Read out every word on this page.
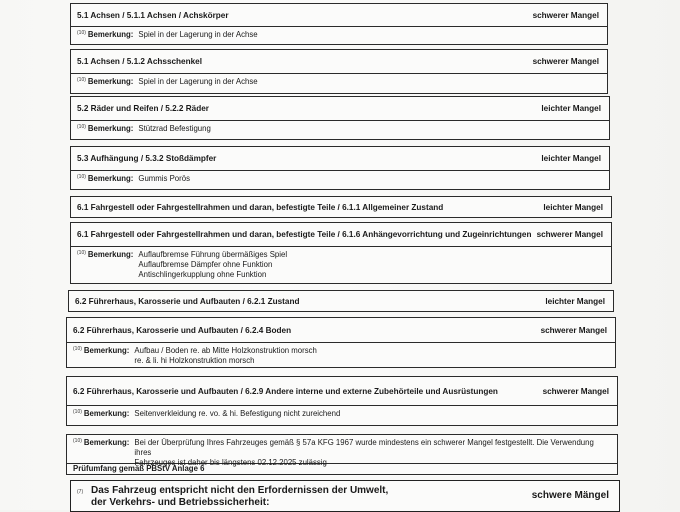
5.1 Achsen / 5.1.1 Achsen / Achskörper	schwerer Mangel
(10) Bemerkung: Spiel in der Lagerung in der Achse
5.1 Achsen / 5.1.2 Achsschenkel	schwerer Mangel
(10) Bemerkung: Spiel in der Lagerung in der Achse
5.2 Räder und Reifen / 5.2.2 Räder	leichter Mangel
(10) Bemerkung: Stützrad Befestigung
5.3 Aufhängung / 5.3.2 Stoßdämpfer	leichter Mangel
(10) Bemerkung: Gummis Porös
6.1 Fahrgestell oder Fahrgestellrahmen und daran, befestigte Teile / 6.1.1 Allgemeiner Zustand	leichter Mangel
6.1 Fahrgestell oder Fahrgestellrahmen und daran, befestigte Teile / 6.1.6 Anhängevorrichtung und Zugeinrichtungen schwerer Mangel
(10) Bemerkung: Auflaufbremse Führung übermäßiges Spiel
Auflaufbremse Dämpfer ohne Funktion
Antischlingerkupplung ohne Funktion
6.2 Führerhaus, Karosserie und Aufbauten / 6.2.1 Zustand	leichter Mangel
6.2 Führerhaus, Karosserie und Aufbauten / 6.2.4 Boden	schwerer Mangel
(10) Bemerkung: Aufbau / Boden re. ab Mitte Holzkonstruktion morsch
re. & li. hi Holzkonstruktion morsch
6.2 Führerhaus, Karosserie und Aufbauten / 6.2.9 Andere interne und externe Zubehörteile und Ausrüstungen	schwerer Mangel
(10) Bemerkung: Seitenverkleidung re. vo. & hi. Befestigung nicht zureichend
(10) Bemerkung: Bei der Überprüfung Ihres Fahrzeuges gemäß § 57a KFG 1967 wurde mindestens ein schwerer Mangel festgestellt. Die Verwendung ihres
Fahrzeuges ist daher bis längstens 02.12.2025 zulässig
Prüfumfang gemäß PBStV Anlage 6
(7) Das Fahrzeug entspricht nicht den Erfordernissen der Umwelt,
der Verkehrs- und Betriebssicherheit:
schwere Mängel
